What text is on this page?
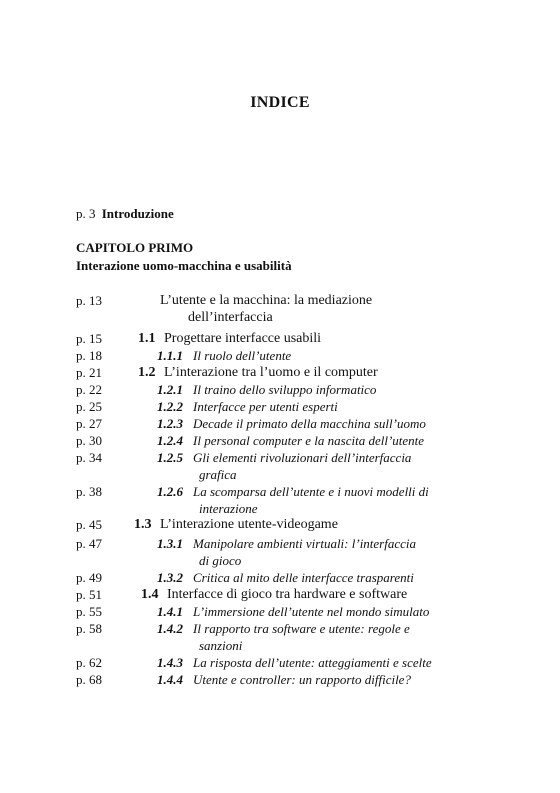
INDICE
p. 3 Introduzione
CAPITOLO PRIMO
Interazione uomo-macchina e usabilità
p. 13	L’utente e la macchina: la mediazione
dell’interfaccia
p. 15	1.1 Progettare interfacce usabili
p. 18	1.1.1 Il ruolo dell’utente
p. 21	1.2 L’interazione tra l’uomo e il computer
p. 22	1.2.1 Il traino dello sviluppo informatico
p. 25	1.2.2 Interfacce per utenti esperti
p. 27	1.2.3 Decade il primato della macchina sull’uomo
p. 30	1.2.4 Il personal computer e la nascita dell’utente
p. 34	1.2.5 Gli elementi rivoluzionari dell’interfaccia
grafica
p. 38	1.2.6 La scomparsa dell’utente e i nuovi modelli di
interazione
p. 45 1.3 L’interazione utente-videogame
p. 47	1.3.1 Manipolare ambienti virtuali: l’interfaccia
di gioco
p. 49	1.3.2 Critica al mito delle interfacce trasparenti
p. 51	1.4 Interfacce di gioco tra hardware e software
p. 55	1.4.1 L’immersione dell’utente nel mondo simulato
p. 58	1.4.2 Il rapporto tra software e utente: regole e
sanzioni
p. 62	1.4.3 La risposta dell’utente: atteggiamenti e scelte
p. 68	1.4.4 Utente e controller: un rapporto difficile?
